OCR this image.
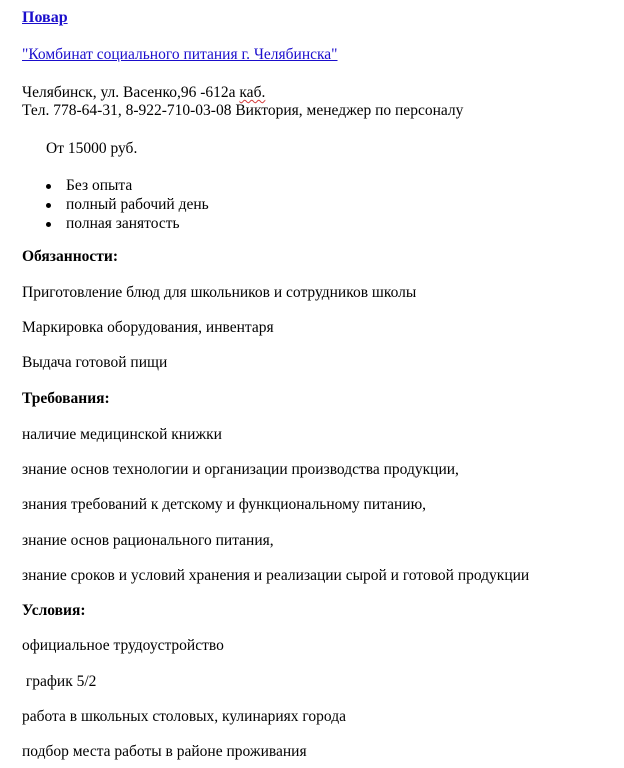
Повар
"Комбинат социального питания г. Челябинска"
Челябинск, ул. Васенко,96 -612а каб.
Тел. 778-64-31, 8-922-710-03-08 Виктория, менеджер по персоналу
От 15000 руб.
Без опыта
полный рабочий день
полная занятость
Обязанности:
Приготовление блюд для школьников и сотрудников школы
Маркировка оборудования, инвентаря
Выдача готовой пищи
Требования:
наличие медицинской книжки
знание основ технологии и организации производства продукции,
знания требований к детскому и функциональному питанию,
знание основ рационального питания,
знание сроков и условий хранения и реализации сырой и готовой продукции
Условия:
официальное трудоустройство
график 5/2
работа в школьных столовых, кулинариях города
подбор места работы в районе проживания
